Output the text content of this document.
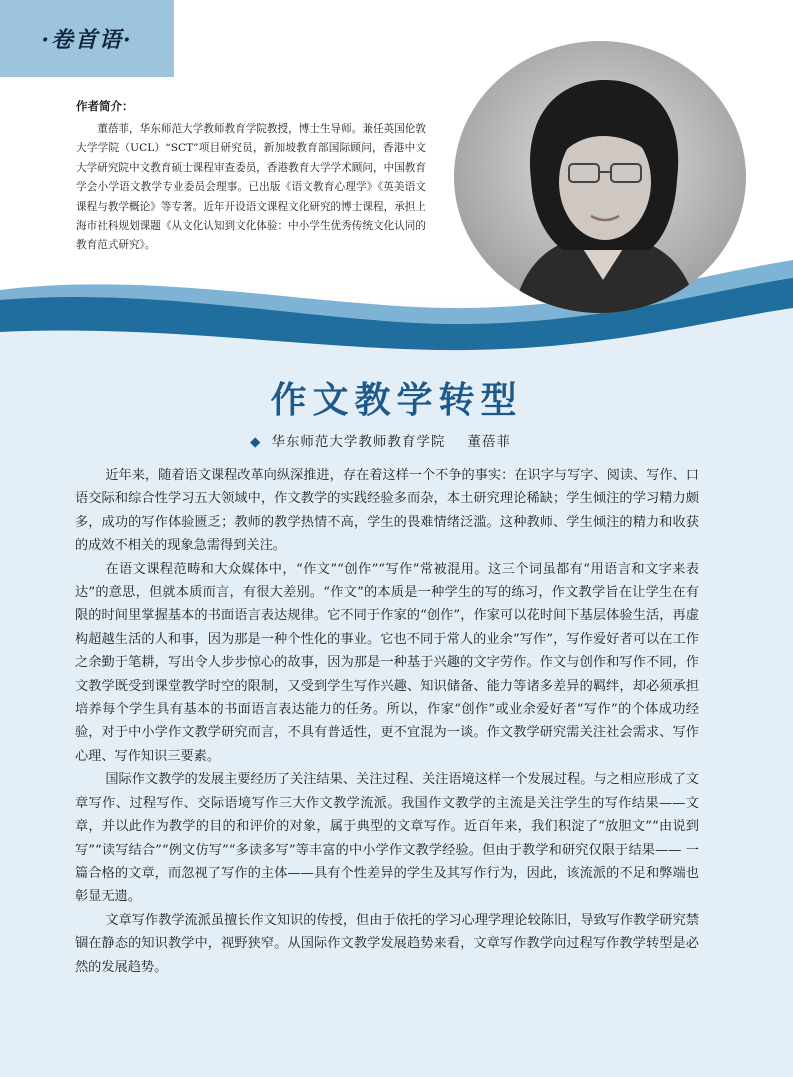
·卷首语·
作者简介：

董蓓菲，华东师范大学教师教育学院教授，博士生导师。兼任英国伦敦大学学院（UCL）“SCT”项目研究员，新加坡教育部国际顾问，香港中文大学研究院中文教育硕士课程审查委员，香港教育大学学术顾问，中国教育学会小学语文教学专业委员会理事。已出版《语文教育心理学》《英美语文课程与教学概论》等专著。近年开设语文课程文化研究的博士课程，承担上海市社科规划课题《从文化认知到文化体验：中小学生优秀传统文化认同的教育范式研究》。

作文教学转型
◆ 华东师范大学教师教育学院 董蓓菲

近年来，随着语文课程改革向纵深推进，存在着这样一个不争的事实：在识字与写字、阅读、写作、口语交际和综合性学习五大领域中，作文教学的实践经验多而杂，本土研究理论稀缺；学生倾注的学习精力颇多，成功的写作体验匮乏；教师的教学热情不高，学生的畏难情绪泛滥。这种教师、学生倾注的精力和收获的成效不相关的现象急需得到关注。

在语文课程范畴和大众媒体中，“作文”“创作”“写作”常被混用。这三个词虽都有“用语言和文字来表达”的意思，但就本质而言，有很大差别。“作文”的本质是一种学生的写的练习，作文教学旨在让学生在有限的时间里掌握基本的书面语言表达规律。它不同于作家的“创作”，作家可以花时间下基层体验生活，再虚构超越生活的人和事，因为那是一种个性化的事业。它也不同于常人的业余“写作”，写作爱好者可以在工作之余勤于笔耕，写出令人步步惊心的故事，因为那是一种基于兴趣的文字劳作。作文与创作和写作不同，作文教学既受到课堂教学时空的限制，又受到学生写作兴趣、知识储备、能力等诸多差异的羁绊，却必须承担培养每个学生具有基本的书面语言表达能力的任务。所以，作家“创作”或业余爱好者“写作”的个体成功经验，对于中小学作文教学研究而言，不具有普适性，更不宜混为一谈。作文教学研究需关注社会需求、写作心理、写作知识三要素。

国际作文教学的发展主要经历了关注结果、关注过程、关注语境这样一个发展过程。与之相应形成了文章写作、过程写作、交际语境写作三大作文教学流派。我国作文教学的主流是关注学生的写作结果——文章，并以此作为教学的目的和评价的对象，属于典型的文章写作。近百年来，我们积淀了“放胆文”“由说到写”“读写结合”“例文仿写”“多读多写”等丰富的中小学作文教学经验。但由于教学和研究仅限于结果—— 一篇合格的文章，而忽视了写作的主体——具有个性差异的学生及其写作行为，因此，该流派的不足和弊端也彰显无遗。

文章写作教学流派虽擅长作文知识的传授，但由于依托的学习心理学理论较陈旧，导致写作教学研究禁锢在静态的知识教学中，视野狭窄。从国际作文教学发展趋势来看，文章写作教学向过程写作教学转型是必然的发展趋势。
